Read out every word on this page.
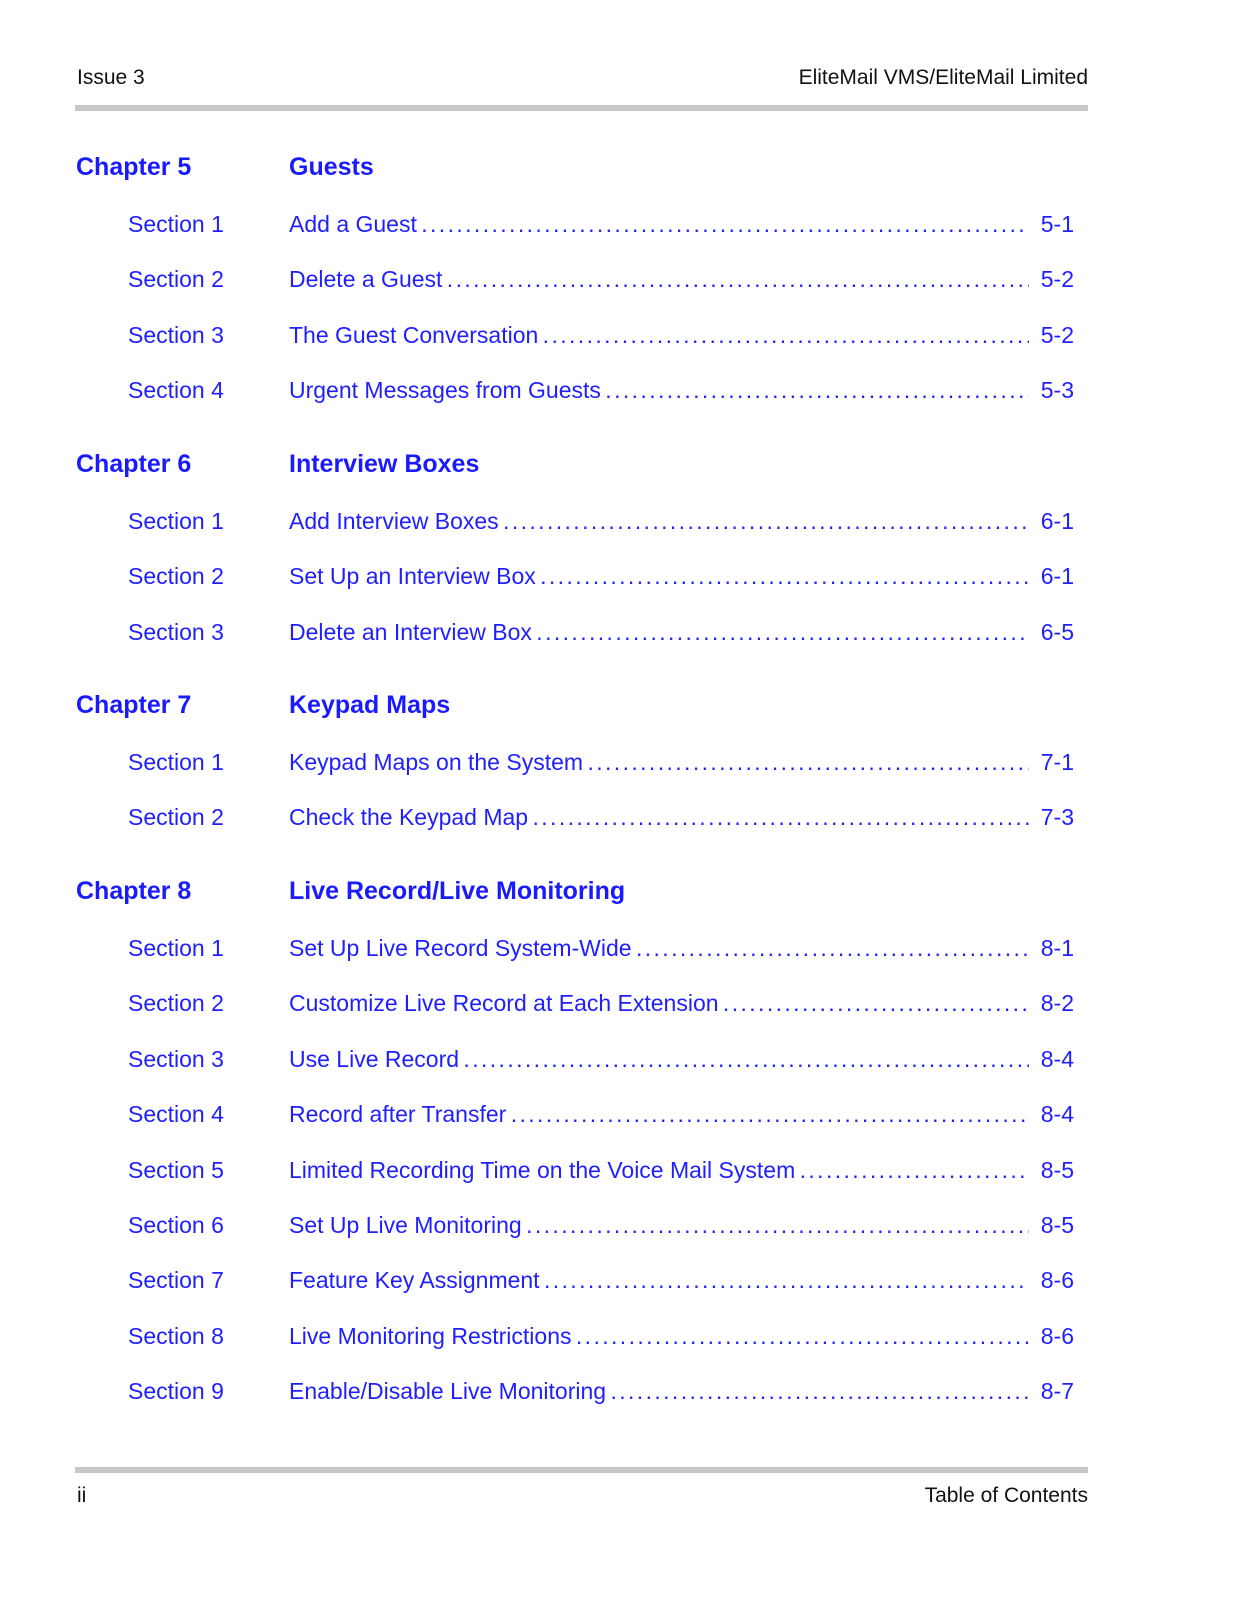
Issue 3	EliteMail VMS/EliteMail Limited
Chapter 5	Guests
Section 1	Add a Guest . . .	5-1
Section 2	Delete a Guest . . .	5-2
Section 3	The Guest Conversation . . .	5-2
Section 4	Urgent Messages from Guests . . .	5-3
Chapter 6	Interview Boxes
Section 1	Add Interview Boxes . . .	6-1
Section 2	Set Up an Interview Box . . .	6-1
Section 3	Delete an Interview Box . . .	6-5
Chapter 7	Keypad Maps
Section 1	Keypad Maps on the System . . .	7-1
Section 2	Check the Keypad Map . . .	7-3
Chapter 8	Live Record/Live Monitoring
Section 1	Set Up Live Record System-Wide . . .	8-1
Section 2	Customize Live Record at Each Extension . . .	8-2
Section 3	Use Live Record . . .	8-4
Section 4	Record after Transfer . . .	8-4
Section 5	Limited Recording Time on the Voice Mail System . . .	8-5
Section 6	Set Up Live Monitoring . . .	8-5
Section 7	Feature Key Assignment . . .	8-6
Section 8	Live Monitoring Restrictions . . .	8-6
Section 9	Enable/Disable Live Monitoring . . .	8-7
ii	Table of Contents
